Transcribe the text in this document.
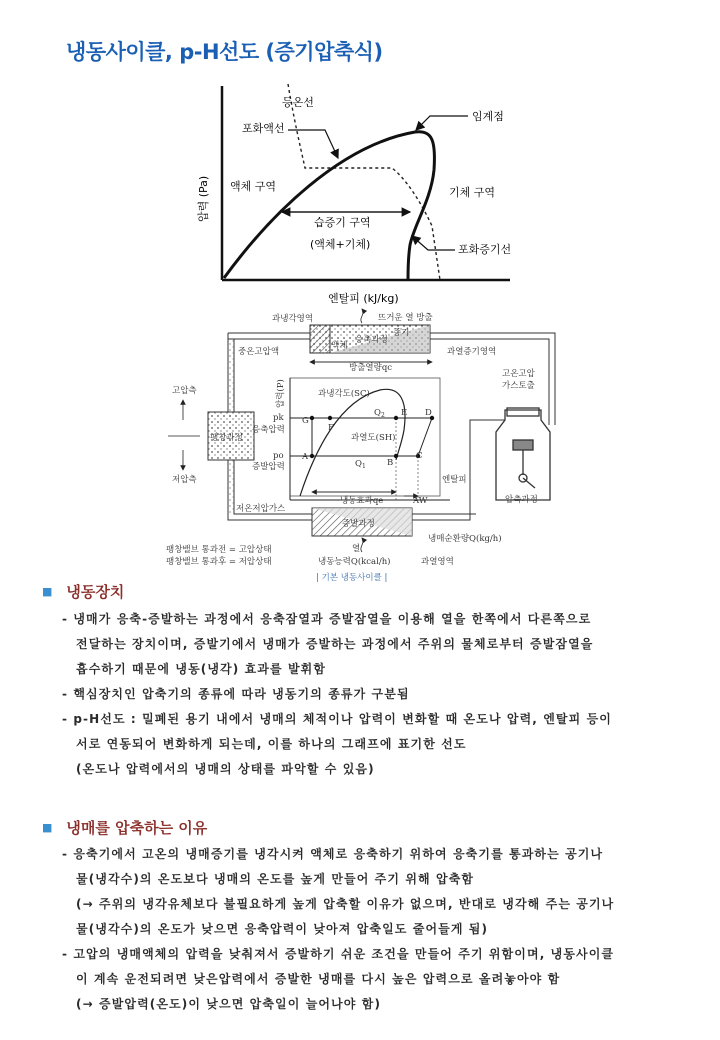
냉동사이클, p-H선도 (증기압축식)
등온선
포화액선
임계점
액체 구역	기체 구역
습증기 구역
(액체+기체)	포화증기선
압력 (Pa)
엔탈피 (kJ/kg)
과냉각영역	뜨거운 열 방출
액체
응축과정
증기
과열증기영역
중온고압액
방출열량qc
고온고압
가스토출
압력(P)
고압측
저압측
과냉각도(SC)
pk
응축압력
팽창과정	과열도(SH)
po
증발압력
G
F
$Q_2$ E D
A
$Q_1$ B
C
엔탈피
냉동효과qe	AW	압축과정
저온저압가스
증발과정
팽창밸브 통과전 = 고압상태
팽창밸브 통과후 = 저압상태
열
냉동능력Q(kcal/h)	과열영역
냉매순환량Q(kg/h)
| 기본 냉동사이클 |
■ 냉동장치
- 냉매가 응축-증발하는 과정에서 응축잠열과 증발잠열을 이용해 열을 한쪽에서 다른쪽으로
전달하는 장치이며, 증발기에서 냉매가 증발하는 과정에서 주위의 물체로부터 증발잠열을
흡수하기 때문에 냉동(냉각) 효과를 발휘함
- 핵심장치인 압축기의 종류에 따라 냉동기의 종류가 구분됨
- p-H선도 : 밀폐된 용기 내에서 냉매의 체적이나 압력이 변화할 때 온도나 압력, 엔탈피 등이
서로 연동되어 변화하게 되는데, 이를 하나의 그래프에 표기한 선도
(온도나 압력에서의 냉매의 상태를 파악할 수 있음)
■ 냉매를 압축하는 이유
- 응축기에서 고온의 냉매증기를 냉각시켜 액체로 응축하기 위하여 응축기를 통과하는 공기나
물(냉각수)의 온도보다 냉매의 온도를 높게 만들어 주기 위해 압축함
(→ 주위의 냉각유체보다 불필요하게 높게 압축할 이유가 없으며, 반대로 냉각해 주는 공기나
물(냉각수)의 온도가 낮으면 응축압력이 낮아져 압축일도 줄어들게 됨)
- 고압의 냉매액체의 압력을 낮춰져서 증발하기 쉬운 조건을 만들어 주기 위함이며, 냉동사이클
이 계속 운전되려면 낮은압력에서 증발한 냉매를 다시 높은 압력으로 올려놓아야 함
(→ 증발압력(온도)이 낮으면 압축일이 늘어나야 함)
